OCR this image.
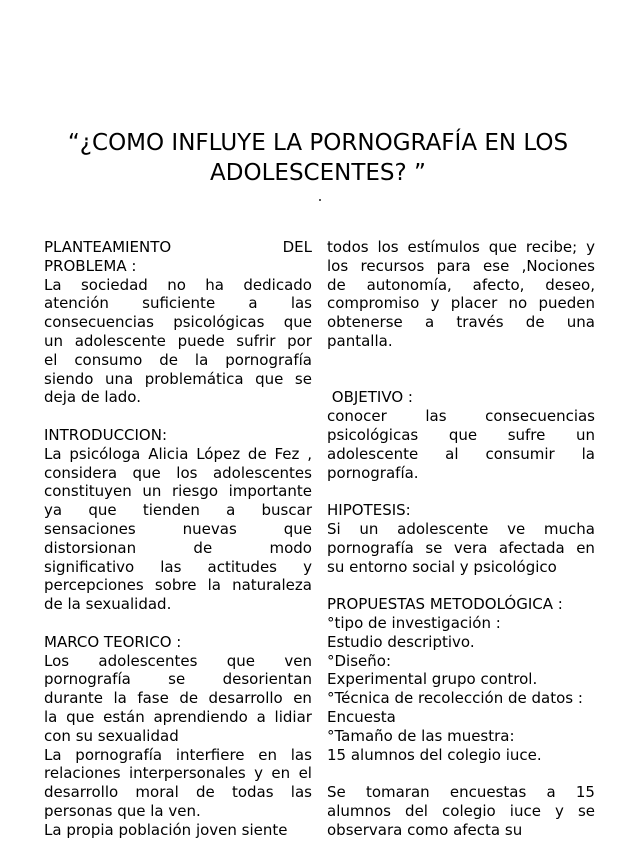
“¿COMO INFLUYE LA PORNOGRAFÍA EN LOS
ADOLESCENTES? ”
PLANTEAMIENTO	DEL
PROBLEMA :
La sociedad no ha dedicado
atención suficiente a las
consecuencias psicológicas que
un adolescente puede sufrir por
el consumo de la pornografía
siendo una problemática que se
deja de lado.
INTRODUCCION:
La psicóloga Alicia López de Fez ,
considera que los adolescentes
constituyen un riesgo importante
ya que tienden a buscar
sensaciones	nuevas	que
distorsionan	de	modo
significativo las actitudes y
percepciones sobre la naturaleza
de la sexualidad.
MARCO TEORICO :
Los adolescentes que ven
pornografía se desorientan
durante la fase de desarrollo en
la que están aprendiendo a lidiar
con su sexualidad
La pornografía interfiere en las
relaciones interpersonales y en el
desarrollo moral de todas las
personas que la ven.
La propia población joven siente
todos los estímulos que recibe; y
los recursos para ese ,Nociones
de autonomía, afecto, deseo,
compromiso y placer no pueden
obtenerse a través de una
pantalla.
OBJETIVO :
conocer	las	consecuencias
psicológicas que sufre un
adolescente al consumir la
pornografía.
HIPOTESIS:
Si un adolescente ve mucha
pornografía se vera afectada en
su entorno social y psicológico
PROPUESTAS METODOLÓGICA :
°tipo de investigación :
Estudio descriptivo.
°Diseño:
Experimental grupo control.
°Técnica de recolección de datos :
Encuesta
°Tamaño de las muestra:
15 alumnos del colegio iuce.
Se tomaran encuestas a 15
alumnos del colegio iuce y se
observara como afecta su
